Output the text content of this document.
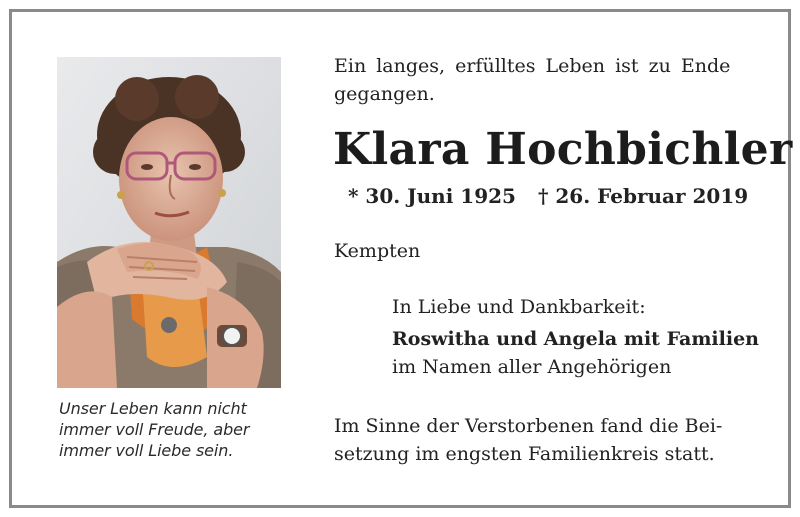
Unser Leben kann nicht
immer voll Freude, aber
immer voll Liebe sein.
Ein langes, erfülltes Leben ist zu Ende
gegangen.
Klara Hochbichler
* 30. Juni 1925 † 26. Februar 2019
Kempten
In Liebe und Dankbarkeit:
Roswitha und Angela mit Familien
im Namen aller Angehörigen
Im Sinne der Verstorbenen fand die Bei-
setzung im engsten Familienkreis statt.
